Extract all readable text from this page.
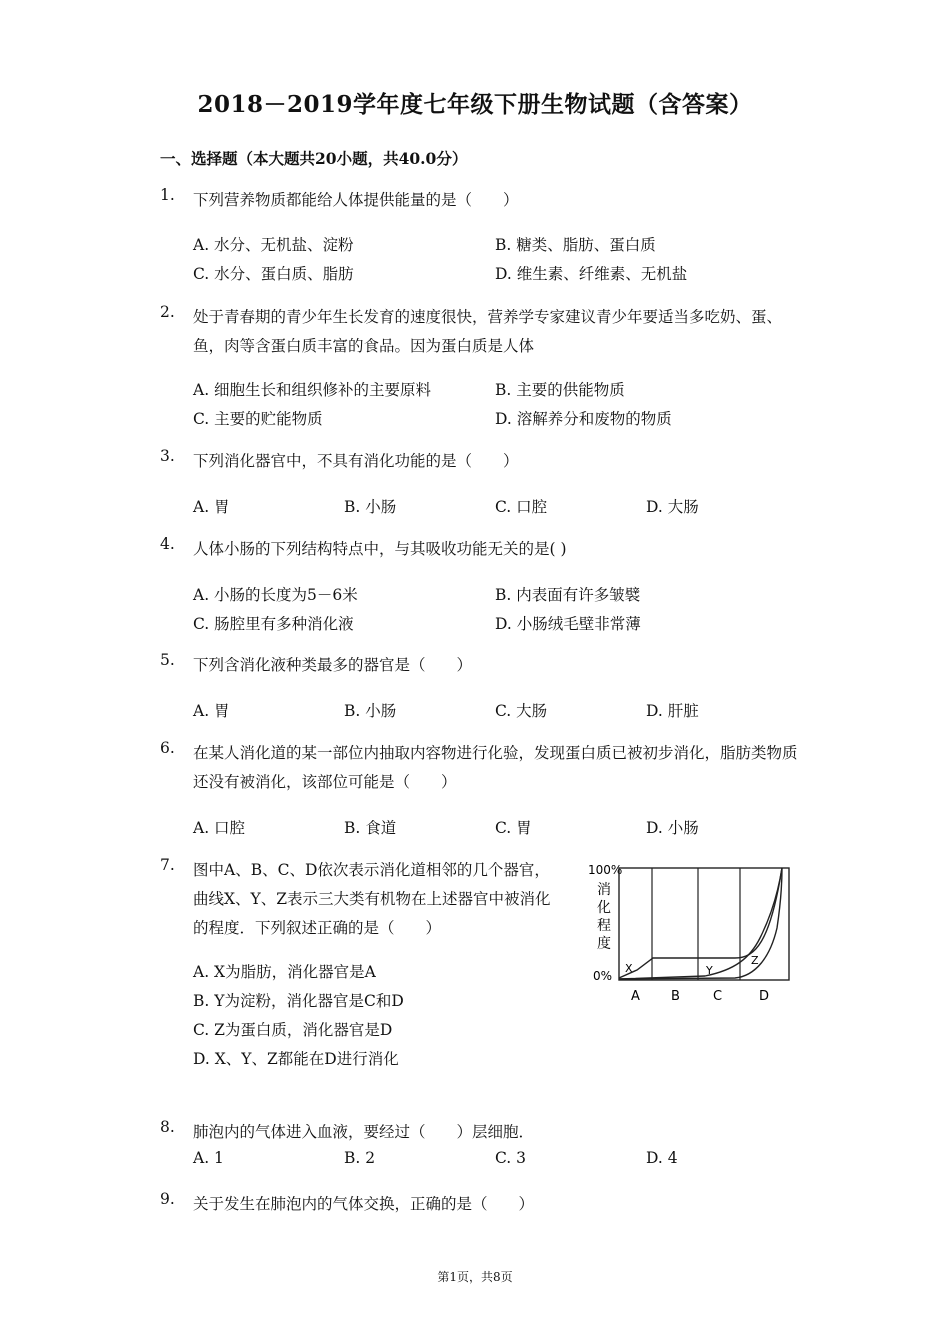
2018－2019学年度七年级下册生物试题（含答案）
一、选择题（本大题共20小题，共40.0分）
1.	下列营养物质都能给人体提供能量的是（　　）
A. 水分、无机盐、淀粉	B. 糖类、脂肪、蛋白质
C. 水分、蛋白质、脂肪	D. 维生素、纤维素、无机盐
2.	处于青春期的青少年生长发育的速度很快，营养学专家建议青少年要适当多吃奶、蛋、鱼，肉等含蛋白质丰富的食品。因为蛋白质是人体
A. 细胞生长和组织修补的主要原料	B. 主要的供能物质
C. 主要的贮能物质	D. 溶解养分和废物的物质
3.	下列消化器官中，不具有消化功能的是（　　）
A. 胃	B. 小肠	C. 口腔	D. 大肠
4.	人体小肠的下列结构特点中，与其吸收功能无关的是( )
A. 小肠的长度为5－6米	B. 内表面有许多皱襞
C. 肠腔里有多种消化液	D. 小肠绒毛壁非常薄
5.	下列含消化液种类最多的器官是（　　）
A. 胃	B. 小肠	C. 大肠	D. 肝脏
6.	在某人消化道的某一部位内抽取内容物进行化验，发现蛋白质已被初步消化，脂肪类物质还没有被消化，该部位可能是（　　）
A. 口腔	B. 食道	C. 胃	D. 小肠
7.	图中A、B、C、D依次表示消化道相邻的几个器官，曲线X、Y、Z表示三大类有机物在上述器官中被消化的程度．下列叙述正确的是（　　）
A. X为脂肪，消化器官是A
B. Y为淀粉，消化器官是C和D
C. Z为蛋白质，消化器官是D
D. X、Y、Z都能在D进行消化
100%
消
化
程
度
0%
X	Y
Z
A B	C	D
8.	肺泡内的气体进入血液，要经过（　　）层细胞．
A. 1	B. 2	C. 3	D. 4
9.	关于发生在肺泡内的气体交换，正确的是（　　）
第1页，共8页
